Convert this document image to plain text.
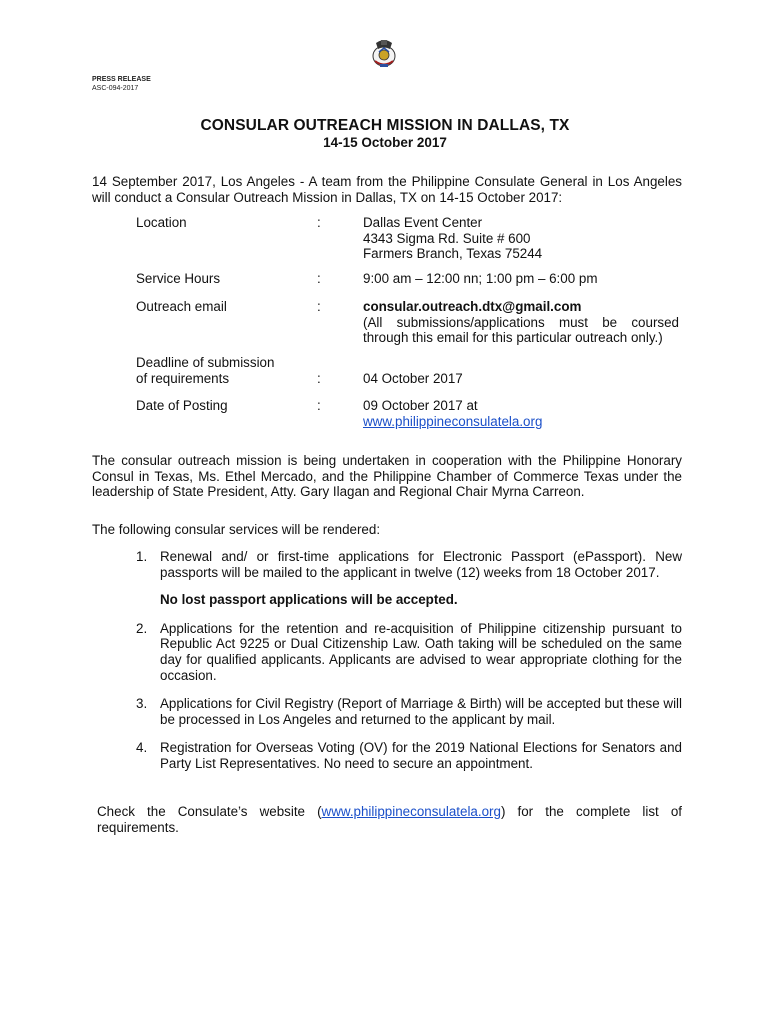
PRESS RELEASE
ASC-094-2017
CONSULAR OUTREACH MISSION IN DALLAS, TX
14-15 October 2017
14 September 2017, Los Angeles - A team from the Philippine Consulate General in Los Angeles will conduct a Consular Outreach Mission in Dallas, TX on 14-15 October 2017:
Location	:	Dallas Event Center
4343 Sigma Rd. Suite # 600
Farmers Branch, Texas 75244
Service Hours	:	9:00 am – 12:00 nn; 1:00 pm – 6:00 pm
Outreach email	:	consular.outreach.dtx@gmail.com
(All submissions/applications must be coursed through this email for this particular outreach only.)
Deadline of submission
of requirements	:	04 October 2017
Date of Posting	:	09 October 2017 at
www.philippineconsulatela.org
The consular outreach mission is being undertaken in cooperation with the Philippine Honorary Consul in Texas, Ms. Ethel Mercado, and the Philippine Chamber of Commerce Texas under the leadership of State President, Atty. Gary Ilagan and Regional Chair Myrna Carreon.
The following consular services will be rendered:
1. Renewal and/ or first-time applications for Electronic Passport (ePassport). New passports will be mailed to the applicant in twelve (12) weeks from 18 October 2017.
No lost passport applications will be accepted.
2. Applications for the retention and re-acquisition of Philippine citizenship pursuant to Republic Act 9225 or Dual Citizenship Law. Oath taking will be scheduled on the same day for qualified applicants. Applicants are advised to wear appropriate clothing for the occasion.
3. Applications for Civil Registry (Report of Marriage & Birth) will be accepted but these will be processed in Los Angeles and returned to the applicant by mail.
4. Registration for Overseas Voting (OV) for the 2019 National Elections for Senators and Party List Representatives. No need to secure an appointment.
Check the Consulate’s website (www.philippineconsulatela.org) for the complete list of requirements.
